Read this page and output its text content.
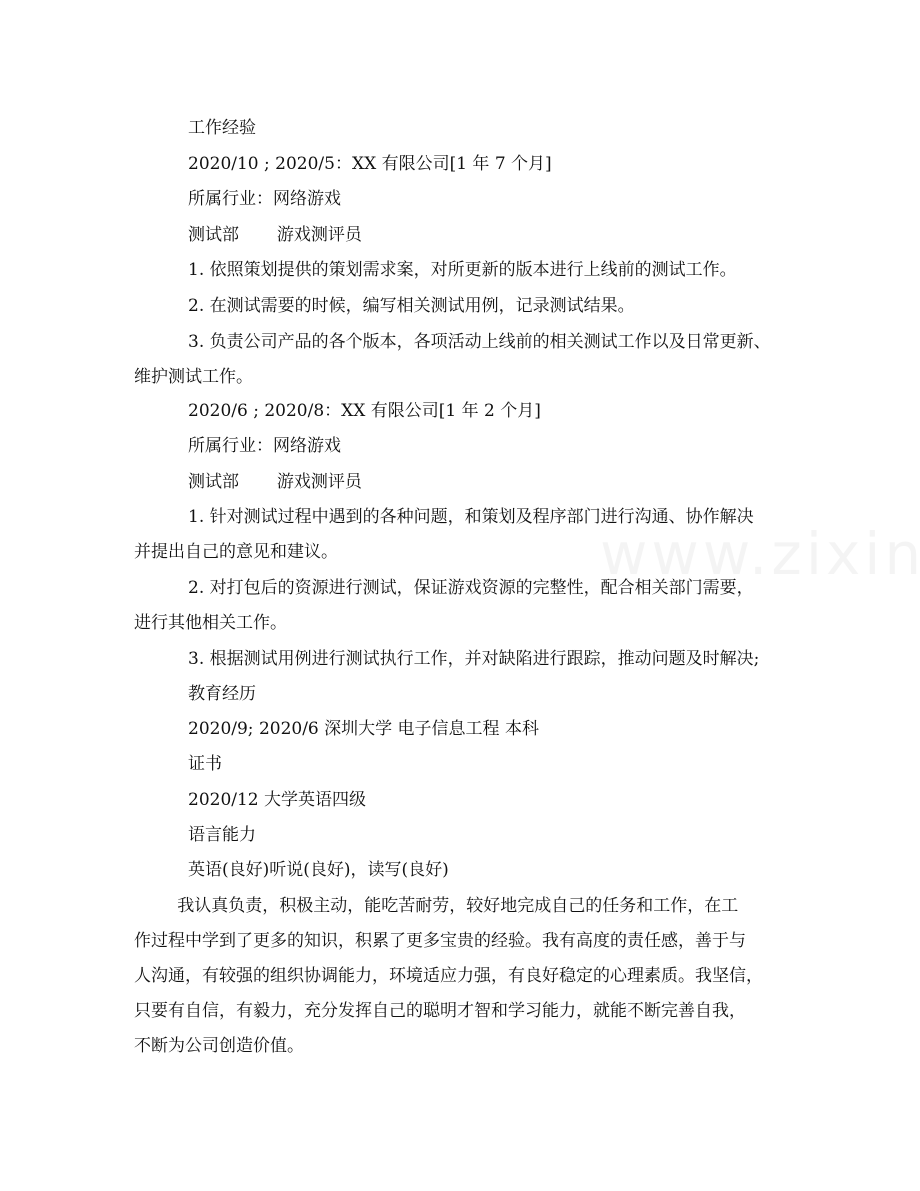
工作经验
2020/10 ; 2020/5：XX 有限公司[1 年 7 个月]
所属行业：网络游戏
测试部       游戏测评员
1. 依照策划提供的策划需求案，对所更新的版本进行上线前的测试工作。
2. 在测试需要的时候，编写相关测试用例，记录测试结果。
3. 负责公司产品的各个版本，各项活动上线前的相关测试工作以及日常更新、
维护测试工作。
2020/6 ; 2020/8：XX 有限公司[1 年 2 个月]
所属行业：网络游戏
测试部       游戏测评员
1. 针对测试过程中遇到的各种问题，和策划及程序部门进行沟通、协作解决
并提出自己的意见和建议。
2. 对打包后的资源进行测试，保证游戏资源的完整性，配合相关部门需要，
进行其他相关工作。
3. 根据测试用例进行测试执行工作，并对缺陷进行跟踪，推动问题及时解决;
教育经历
2020/9; 2020/6 深圳大学 电子信息工程 本科
证书
2020/12 大学英语四级
语言能力
英语(良好)听说(良好)，读写(良好)
我认真负责，积极主动，能吃苦耐劳，较好地完成自己的任务和工作，在工
作过程中学到了更多的知识，积累了更多宝贵的经验。我有高度的责任感，善于与
人沟通，有较强的组织协调能力，环境适应力强，有良好稳定的心理素质。我坚信，
只要有自信，有毅力，充分发挥自己的聪明才智和学习能力，就能不断完善自我，
不断为公司创造价值。
